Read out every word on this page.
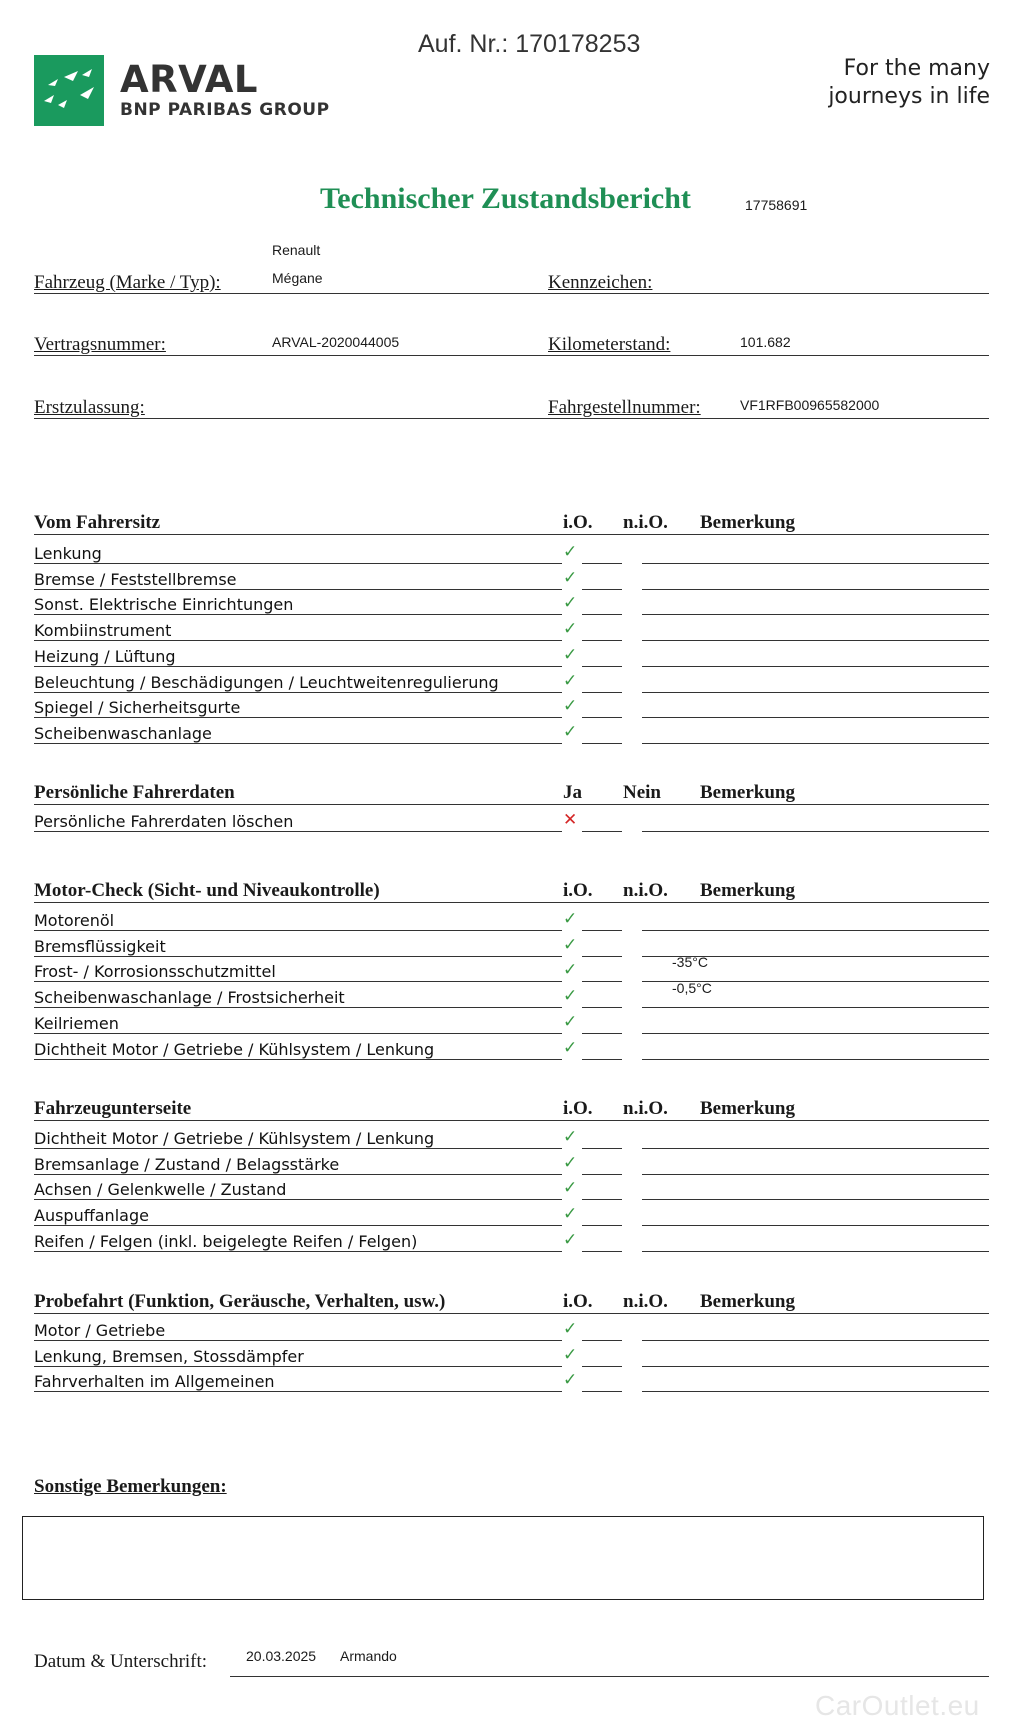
ARVAL
BNP PARIBAS GROUP
Auf. Nr.: 170178253
For the many
journeys in life
Technischer Zustandsbericht	17758691
Renault
Mégane
Fahrzeug (Marke / Typ):	Kennzeichen:
Vertragsnummer:	ARVAL-2020044005	Kilometerstand:	101.682
Erstzulassung:	Fahrgestellnummer:	VF1RFB00965582000
Vom Fahrersitz	i.O. n.i.O. Bemerkung
Lenkung	✓
Bremse / Feststellbremse	✓
Sonst. Elektrische Einrichtungen	✓
Kombiinstrument	✓
Heizung / Lüftung	✓
Beleuchtung / Beschädigungen / Leuchtweitenregulierung	✓
Spiegel / Sicherheitsgurte	✓
Scheibenwaschanlage	✓
Persönliche Fahrerdaten	Ja Nein Bemerkung
Persönliche Fahrerdaten löschen	✕
Motor-Check (Sicht- und Niveaukontrolle)	i.O. n.i.O. Bemerkung
Motorenöl	✓
Bremsflüssigkeit	✓
Frost- / Korrosionsschutzmittel	✓	-35°C
Scheibenwaschanlage / Frostsicherheit	✓	-0,5°C
Keilriemen	✓
Dichtheit Motor / Getriebe / Kühlsystem / Lenkung	✓
Fahrzeugunterseite	i.O. n.i.O. Bemerkung
Dichtheit Motor / Getriebe / Kühlsystem / Lenkung	✓
Bremsanlage / Zustand / Belagsstärke	✓
Achsen / Gelenkwelle / Zustand	✓
Auspuffanlage	✓
Reifen / Felgen (inkl. beigelegte Reifen / Felgen)	✓
Probefahrt (Funktion, Geräusche, Verhalten, usw.)	i.O. n.i.O. Bemerkung
Motor / Getriebe	✓
Lenkung, Bremsen, Stossdämpfer	✓
Fahrverhalten im Allgemeinen	✓
Sonstige Bemerkungen:
Datum & Unterschrift:	20.03.2025 Armando
CarOutlet.eu
